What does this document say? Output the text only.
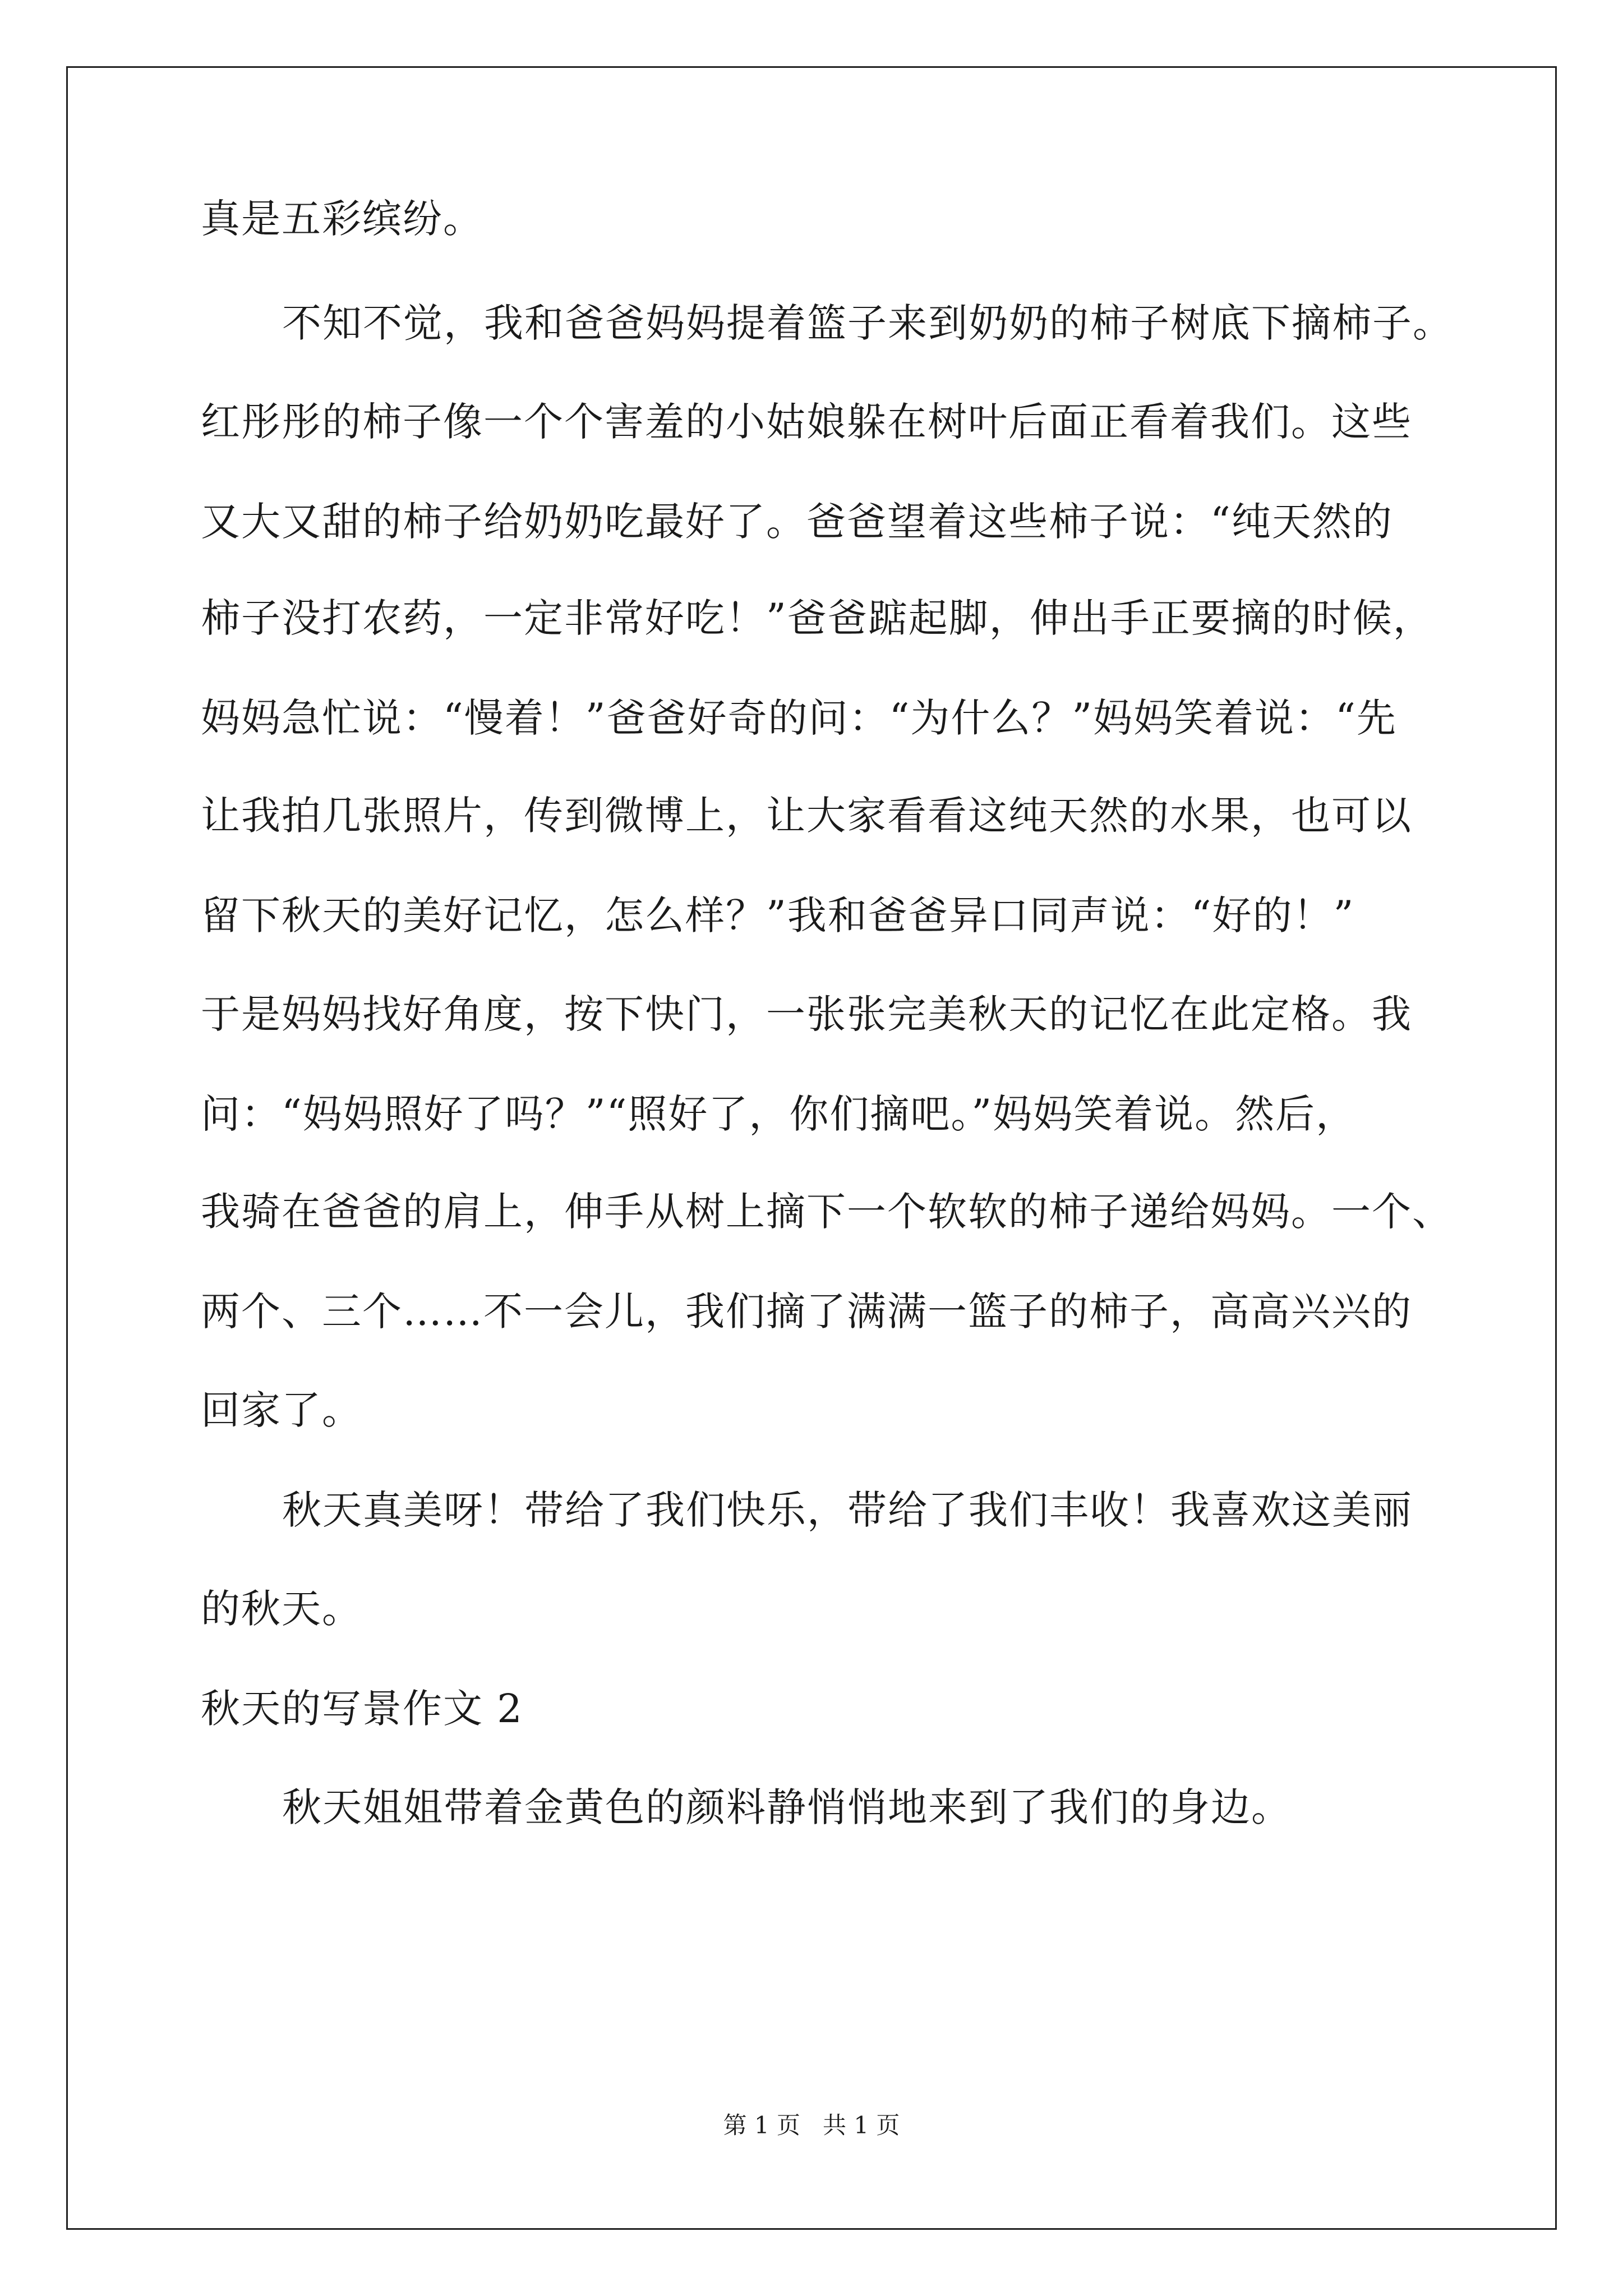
真是五彩缤纷。
不知不觉，我和爸爸妈妈提着篮子来到奶奶的柿子树底下摘柿子。
红彤彤的柿子像一个个害羞的小姑娘躲在树叶后面正看着我们。这些
又大又甜的柿子给奶奶吃最好了。爸爸望着这些柿子说：“纯天然的
柿子没打农药，一定非常好吃！”爸爸踮起脚，伸出手正要摘的时候，
妈妈急忙说：“慢着！”爸爸好奇的问：“为什么？”妈妈笑着说：“先
让我拍几张照片，传到微博上，让大家看看这纯天然的水果，也可以
留下秋天的美好记忆，怎么样？”我和爸爸异口同声说：“好的！”
于是妈妈找好角度，按下快门，一张张完美秋天的记忆在此定格。我
问：“妈妈照好了吗？”“照好了，你们摘吧。”妈妈笑着说。然后，
我骑在爸爸的肩上，伸手从树上摘下一个软软的柿子递给妈妈。一个、
两个、三个……不一会儿，我们摘了满满一篮子的柿子，高高兴兴的
回家了。
秋天真美呀！带给了我们快乐，带给了我们丰收！我喜欢这美丽
的秋天。
秋天的写景作文 2
秋天姐姐带着金黄色的颜料静悄悄地来到了我们的身边。
第 1 页 共 1 页
